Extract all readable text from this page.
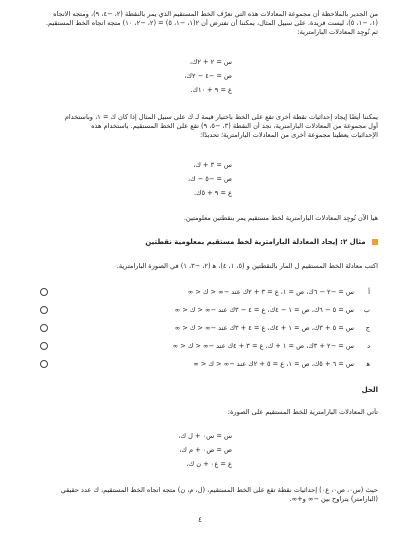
من الجدير بالملاحظة أن مجموعة المعادلات هذه التي تعرّف الخط المستقيم الذي يمر بالنقطة (٢، −٤، ٩)، ومتجه الاتجاه
(١، −١، ٥)، ليست فريدة. على سبيل المثال، يمكننا أن نفترض أن ٢(١، −١، ٥) = (٢، −٢، ١٠) متجه اتجاه الخط المستقيم.
ثم نُوجِد المعادلات البارامترية:
س = ٢ + ٢ك،
ص = −٤ − ٢ك،
ع = ٩ + ١٠ك.
يمكننا أيضًا إيجاد إحداثيات نقطة أخرى تقع على الخط باختيار قيمة لـ ك على سبيل المثال إذا كان ك = ١، وباستخدام
أول مجموعة من المعادلات البارامترية، نجد أن النقطة (٣، −٥، ٩) تقع على الخط المستقيم. باستخدام هذه
الإحداثيات يعطينا مجموعة أخرى من المعادلات البارامترية؛ تحديدًا:
س = ٣ + ك،
ص = −٥ − ك،
ع = ٩ + ٥ك.
هيا الآن نُوجِد المعادلات البارامترية لخط مستقيم يمر بنقطتين معلومتين.
مثال ٢: إيجاد المعادلة البارامترية لخط مستقيم بمعلومية نقطتين
اكتب معادلة الخط المستقيم ل المار بالنقطتين ﻭ (٥، ١، ٤)، ﻫ (٢، −٣، ١) في الصورة البارامترية.
أ س = −٢ − ٦ك، ص = ١، ع = ٣ + ٢ك عند −∞ < ك < ∞
ب س = ٥ − ٦ك، ص = ١ − ٤ك، ع = ٤ − ٣ك عند −∞ < ك < ∞
ج س = ٥ + ٣ك، ص = ١ + ٤ك، ع = ٤ + ٣ك عند −∞ < ك < ∞
د س = −٢ + ٣ك، ص = ١ + ك، ع = ٣ + ٤ك عند −∞ < ك < ∞
ﻫ س = ٦ + ٥ك، ص = ١، ع = ٥ + ٢ك عند −∞ < ك < ∞
الحل
تأتي المعادلات البارامترية للخط المستقيم على الصورة:
س = س٠ + ل ك،
ص = ص٠ + م ك،
ع = ع٠ + ن ك،
حيث (س٠، ص٠، ع٠) إحداثيات نقطة تقع على الخط المستقيم، (ل، م، ن) متجه اتجاه الخط المستقيم، ك عدد حقيقي
(البارامتر) يتراوح بين −∞ و+∞.
٤
